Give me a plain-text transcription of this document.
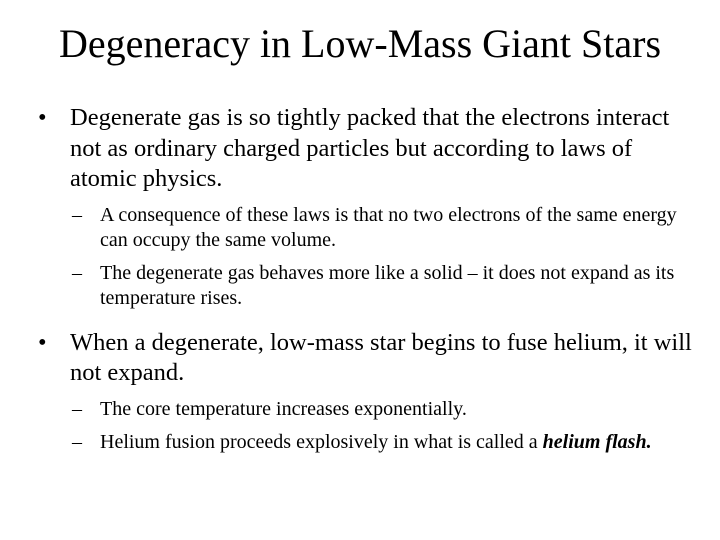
Degeneracy in Low-Mass Giant Stars
• Degenerate gas is so tightly packed that the electrons interact not as ordinary charged particles but according to laws of atomic physics.
– A consequence of these laws is that no two electrons of the same energy can occupy the same volume.
– The degenerate gas behaves more like a solid – it does not expand as its temperature rises.
• When a degenerate, low-mass star begins to fuse helium, it will not expand.
– The core temperature increases exponentially.
– Helium fusion proceeds explosively in what is called a helium flash.
